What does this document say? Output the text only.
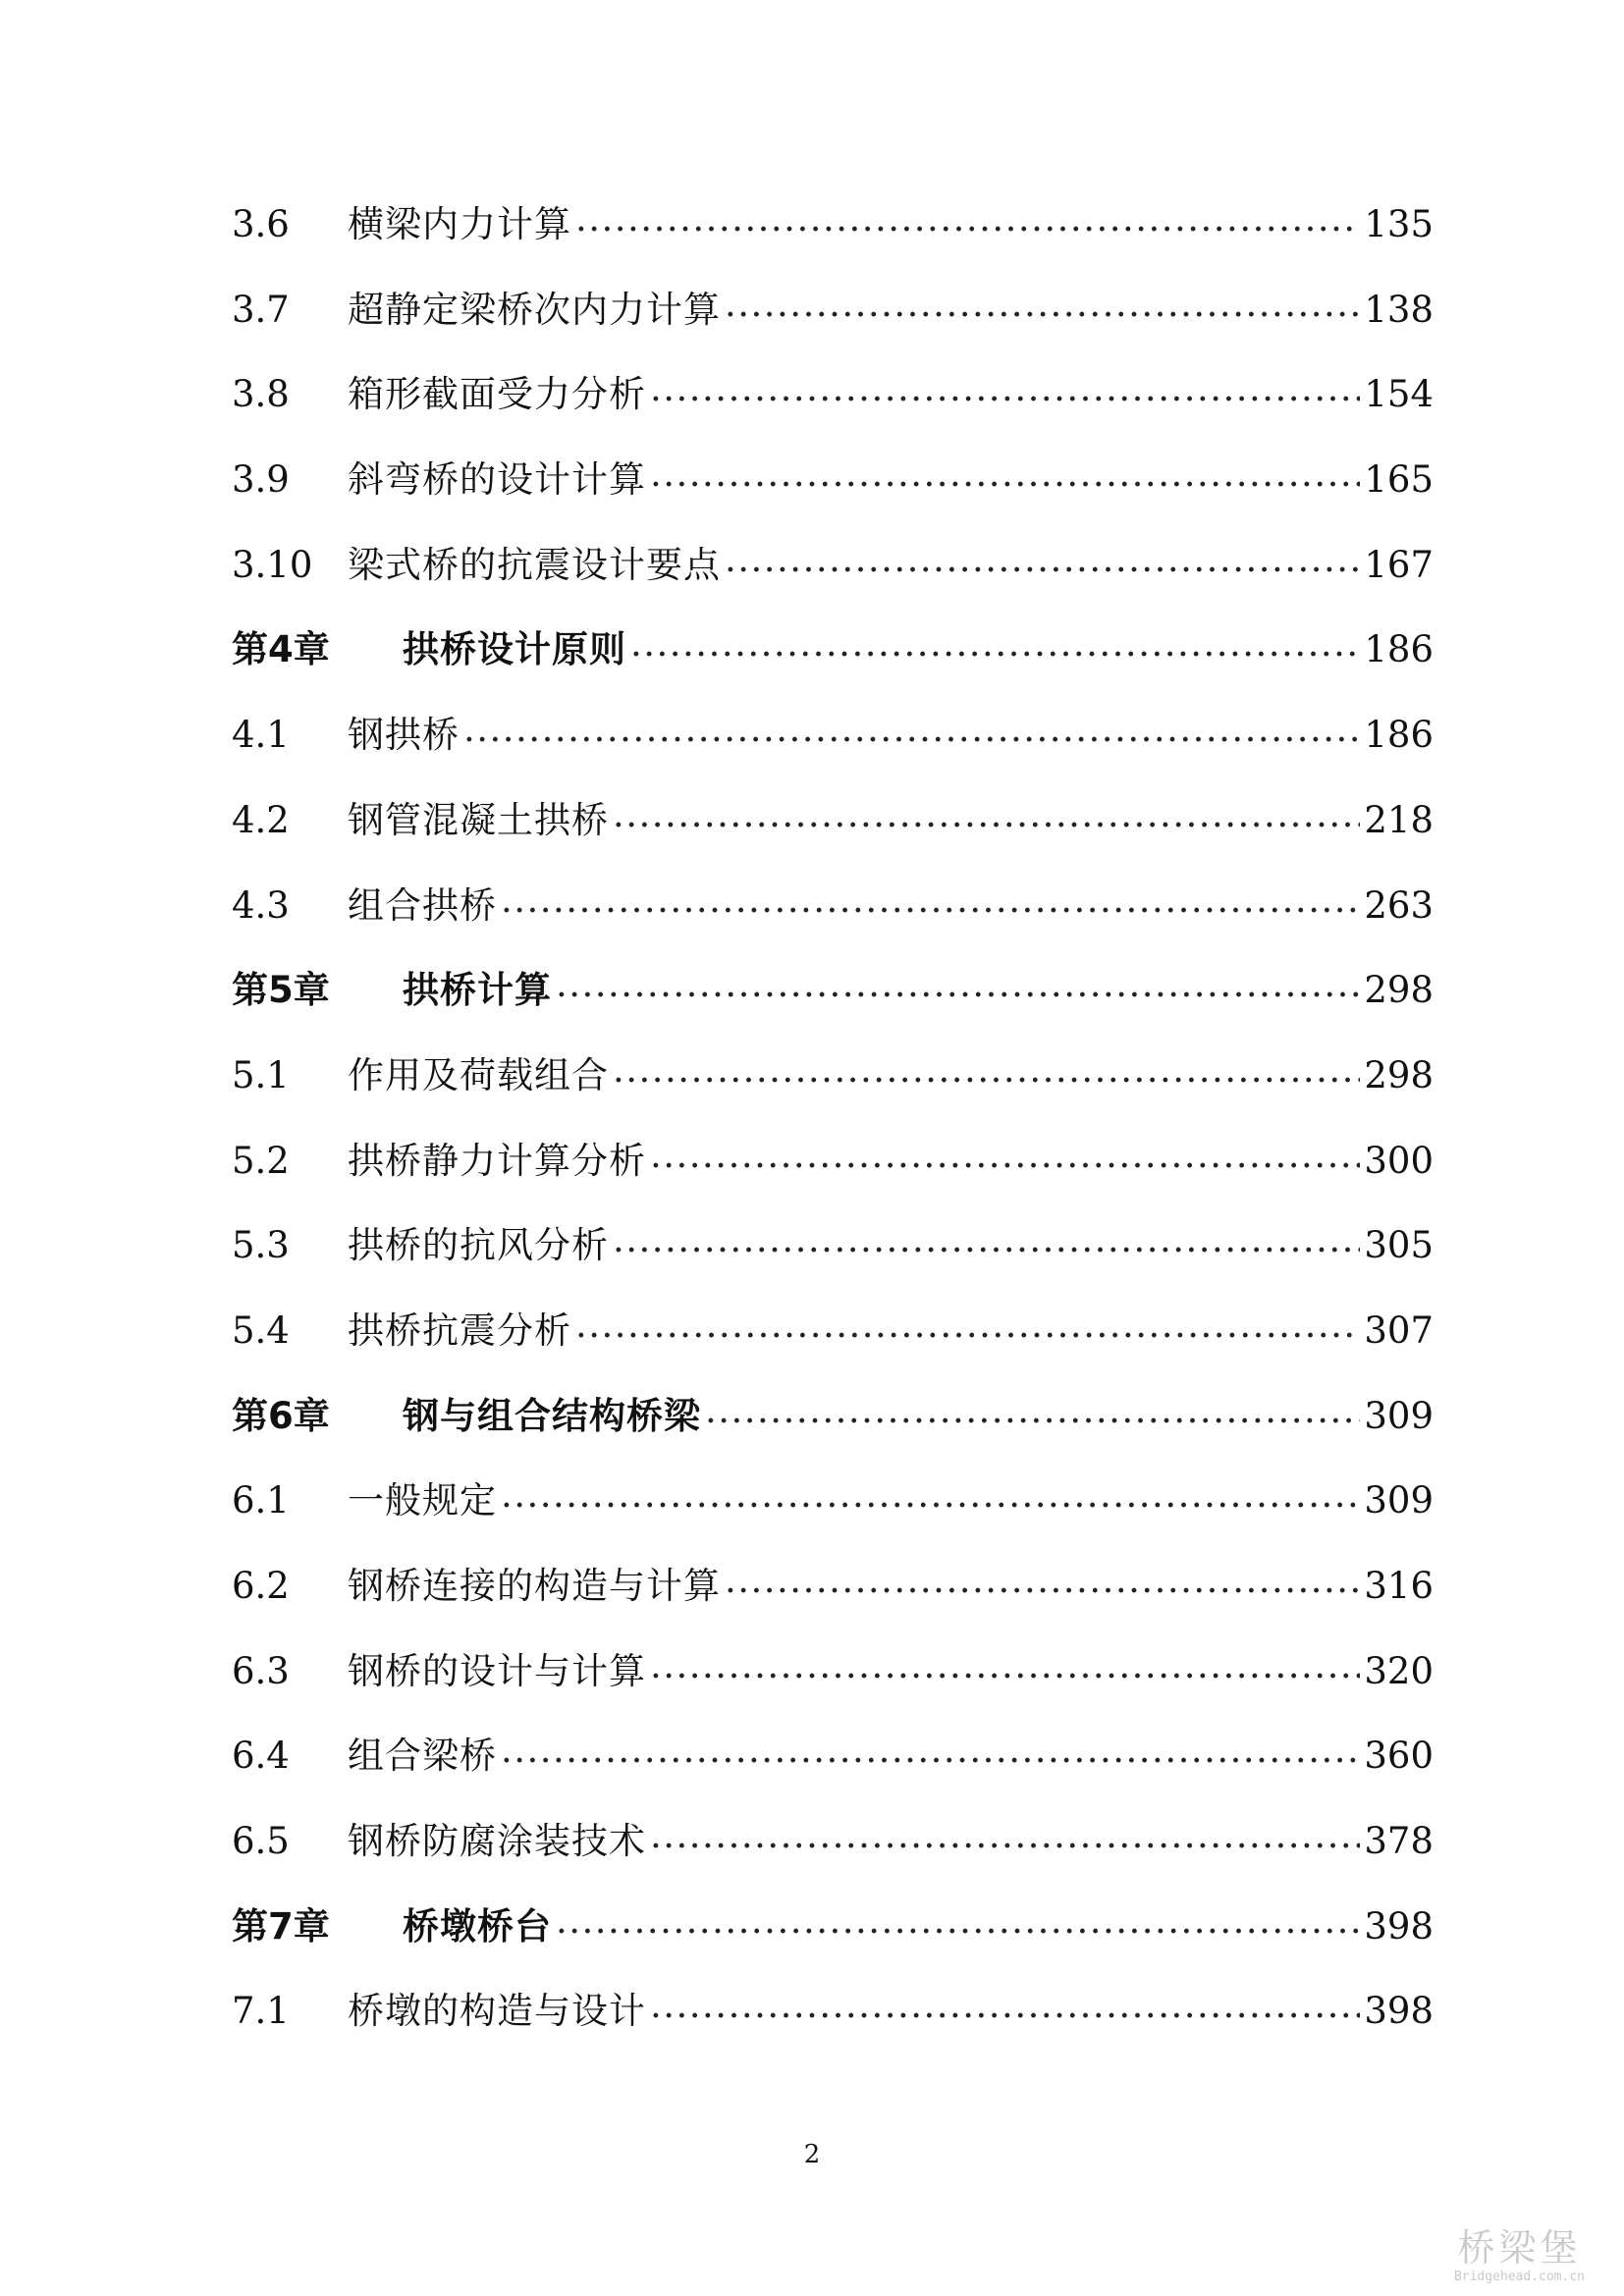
3.6	横梁内力计算 .....	135
3.7	超静定梁桥次内力计算 .....	138
3.8	箱形截面受力分析 .....	154
3.9	斜弯桥的设计计算 .....	165
3.10 梁式桥的抗震设计要点 .....	167
第4章	拱桥设计原则 .....	186
4.1	钢拱桥 .....	186
4.2	钢管混凝土拱桥 .....	218
4.3	组合拱桥 .....	263
第5章	拱桥计算 .....	298
5.1	作用及荷载组合 .....	298
5.2	拱桥静力计算分析 .....	300
5.3	拱桥的抗风分析 .....	305
5.4	拱桥抗震分析 .....	307
第6章	钢与组合结构桥梁 .....	309
6.1	一般规定 .....	309
6.2	钢桥连接的构造与计算 .....	316
6.3	钢桥的设计与计算 .....	320
6.4	组合梁桥 .....	360
6.5	钢桥防腐涂装技术 .....	378
第7章	桥墩桥台 .....	398
7.1	桥墩的构造与设计 .....	398
2
桥梁堡
Bridgehead.com.cn
